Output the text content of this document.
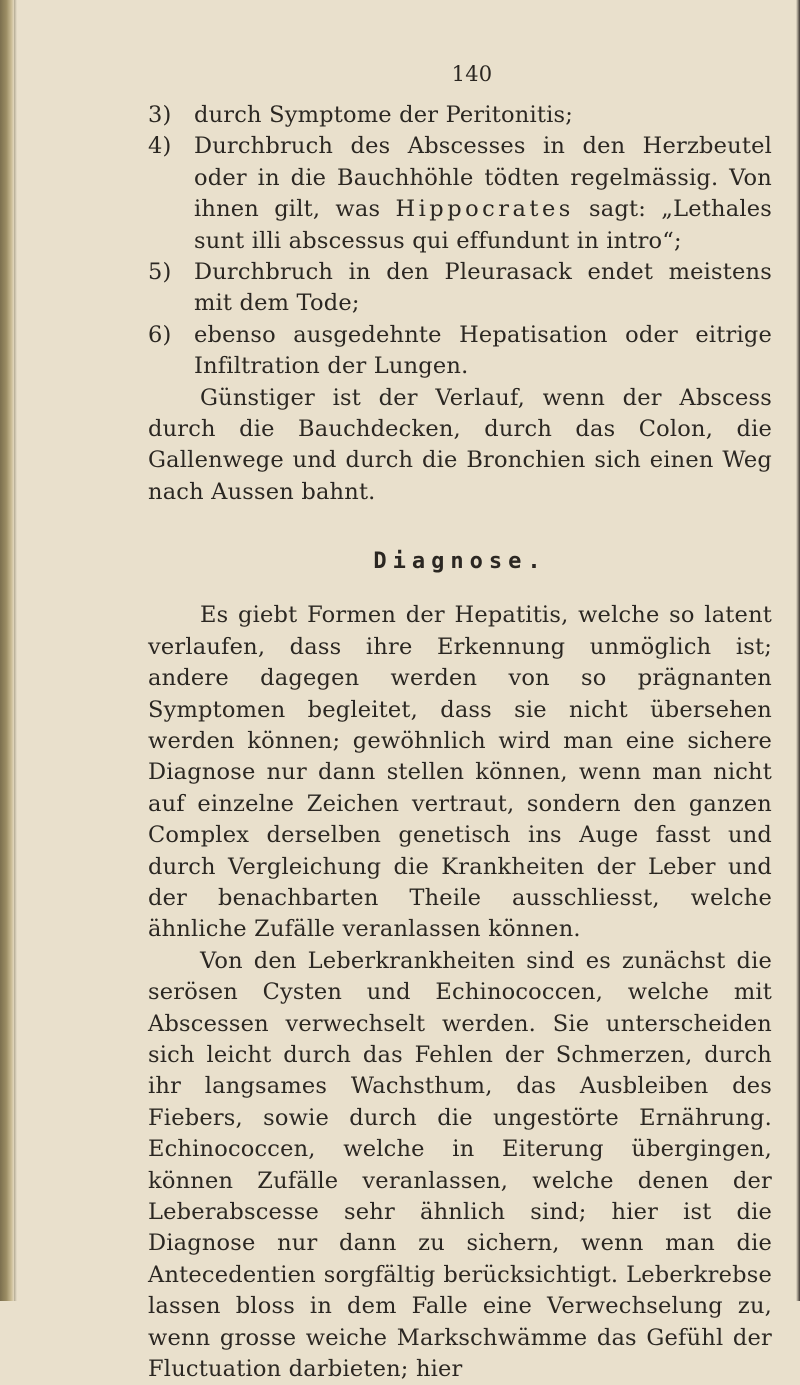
140
3)	durch Symptome der Peritonitis;
4)	Durchbruch des Abscesses in den Herzbeutel oder in die Bauchhöhle tödten regelmässig. Von ihnen gilt, was Hippocrates sagt: „Lethales sunt illi abscessus qui effundunt in intro“;
5)	Durchbruch in den Pleurasack endet meistens mit dem Tode;
6)	ebenso ausgedehnte Hepatisation oder eitrige Infiltration der Lungen.

Günstiger ist der Verlauf, wenn der Abscess durch die Bauchdecken, durch das Colon, die Gallenwege und durch die Bronchien sich einen Weg nach Aussen bahnt.

Diagnose.

Es giebt Formen der Hepatitis, welche so latent verlaufen, dass ihre Erkennung unmöglich ist; andere dagegen werden von so prägnanten Symptomen begleitet, dass sie nicht übersehen werden können; gewöhnlich wird man eine sichere Diagnose nur dann stellen können, wenn man nicht auf einzelne Zeichen vertraut, sondern den ganzen Complex derselben genetisch ins Auge fasst und durch Vergleichung die Krankheiten der Leber und der benachbarten Theile ausschliesst, welche ähnliche Zufälle veranlassen können.

Von den Leberkrankheiten sind es zunächst die serösen Cysten und Echinococcen, welche mit Abscessen verwechselt werden. Sie unterscheiden sich leicht durch das Fehlen der Schmerzen, durch ihr langsames Wachsthum, das Ausbleiben des Fiebers, sowie durch die ungestörte Ernährung. Echinococcen, welche in Eiterung übergingen, können Zufälle veranlassen, welche denen der Leberabscesse sehr ähnlich sind; hier ist die Diagnose nur dann zu sichern, wenn man die Antecedentien sorgfältig berücksichtigt. Leberkrebse lassen bloss in dem Falle eine Verwechselung zu, wenn grosse weiche Markschwämme das Gefühl der Fluctuation darbieten; hier
